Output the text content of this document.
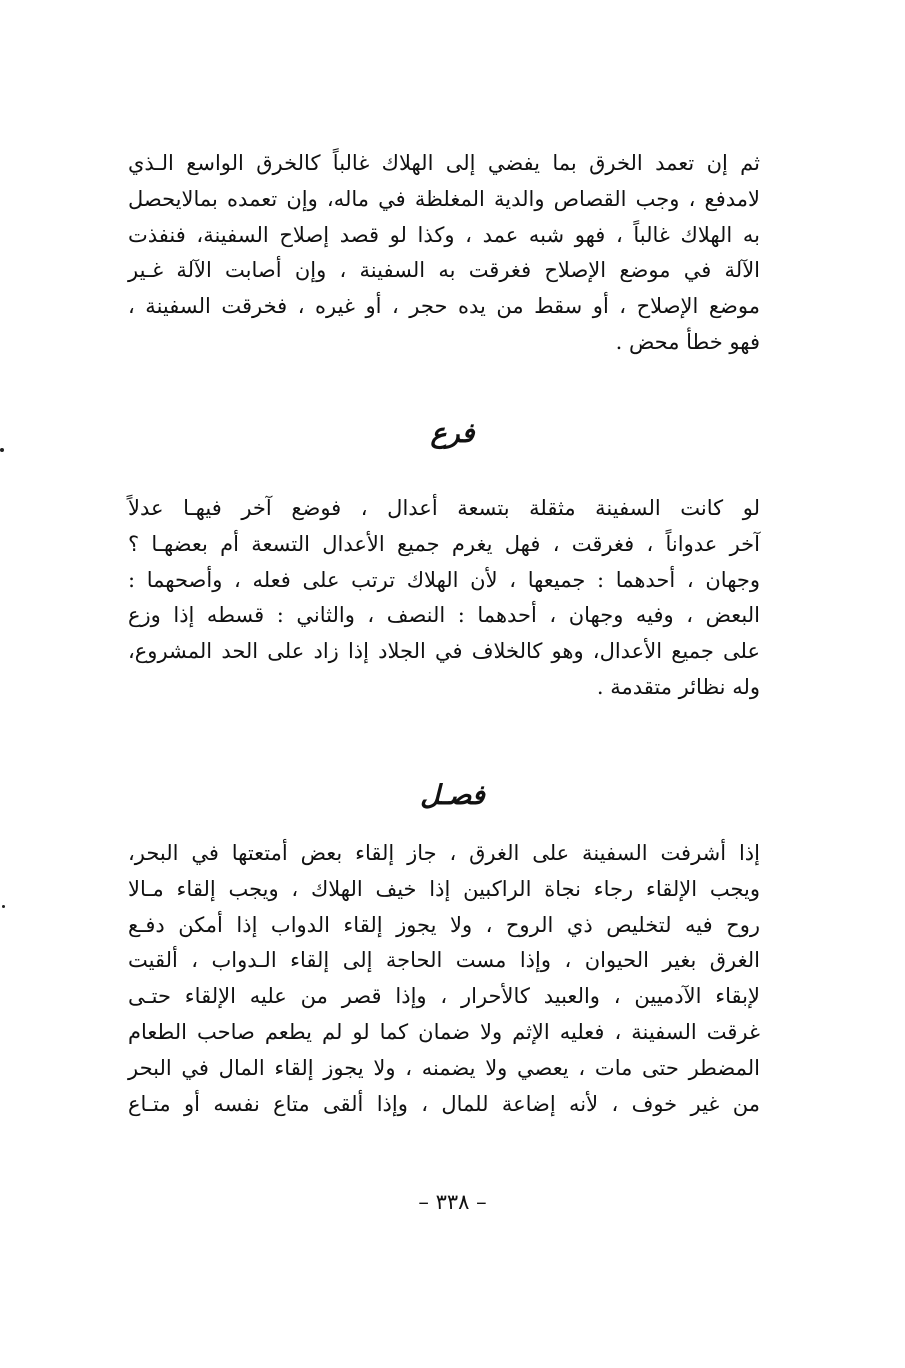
ثم إن تعمد الخرق بما يفضي إلى الهلاك غالباً كالخرق الواسع الـذي
لامدفع ، وجب القصاص والدية المغلظة في ماله، وإن تعمده بمالايحصل
به الهلاك غالباً ، فهو شبه عمد ، وكذا لو قصد إصلاح السفينة، فنفذت
الآلة في موضع الإصلاح فغرقت به السفينة ، وإن أصابت الآلة غـير
موضع الإصلاح ، أو سقط من يده حجر ، أو غيره ، فخرقت السفينة ،
فهو خطأ محض .
فرع
لو كانت السفينة مثقلة بتسعة أعدال ، فوضع آخر فيهـا عدلاً
آخر عدواناً ، فغرقت ، فهل يغرم جميع الأعدال التسعة أم بعضهـا ؟
وجهان ، أحدهما : جميعها ، لأن الهلاك ترتب على فعله ، وأصحهما :
البعض ، وفيه وجهان ، أحدهما : النصف ، والثاني : قسطه إذا وزع
على جميع الأعدال، وهو كالخلاف في الجلاد إذا زاد على الحد المشروع،
وله نظائر متقدمة .
فصـل
إذا أشرفت السفينة على الغرق ، جاز إلقاء بعض أمتعتها في البحر،
ويجب الإلقاء رجاء نجاة الراكبين إذا خيف الهلاك ، ويجب إلقاء مـالا
روح فيه لتخليص ذي الروح ، ولا يجوز إلقاء الدواب إذا أمكن دفـع
الغرق بغير الحيوان ، وإذا مست الحاجة إلى إلقاء الـدواب ، ألقيت
لإبقاء الآدميين ، والعبيد كالأحرار ، وإذا قصر من عليه الإلقاء حتـى
غرقت السفينة ، فعليه الإثم ولا ضمان كما لو لم يطعم صاحب الطعام
المضطر حتى مات ، يعصي ولا يضمنه ، ولا يجوز إلقاء المال في البحر
من غير خوف ، لأنه إضاعة للمال ، وإذا ألقى متاع نفسه أو متـاع
– ٣٣٨ –
